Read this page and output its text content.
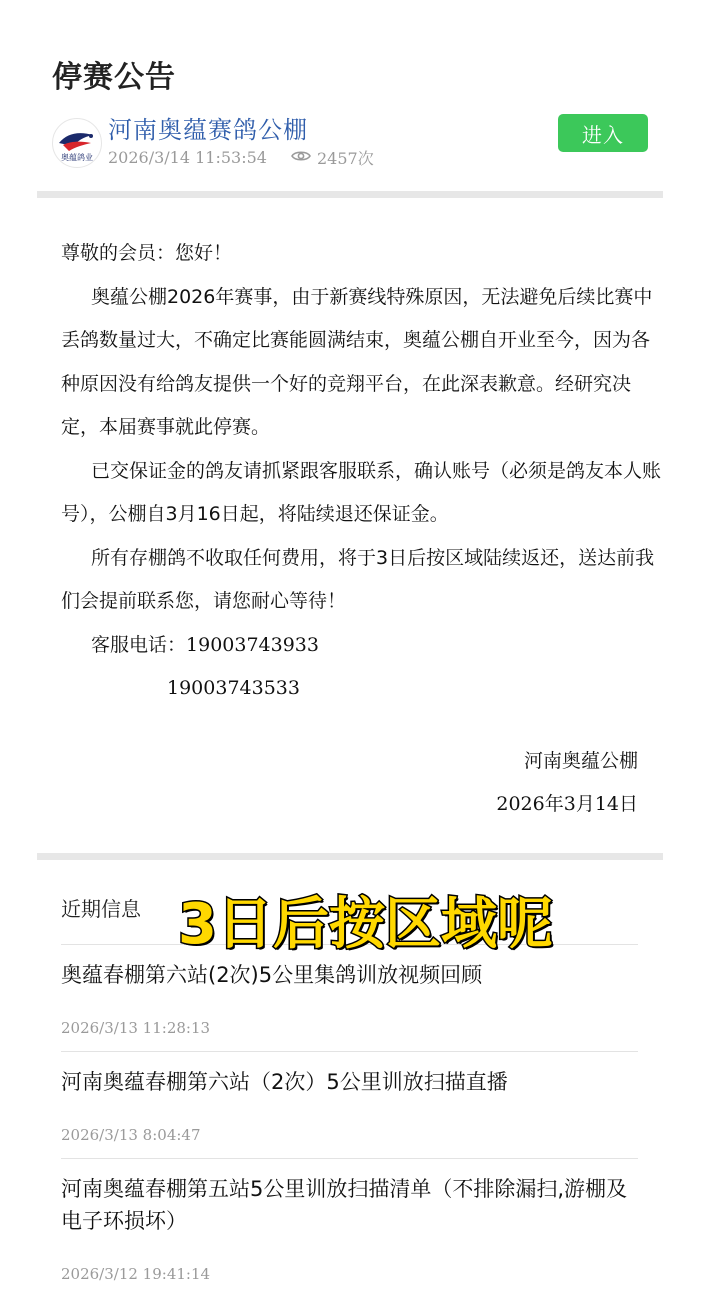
停赛公告
奥蕴鸽业
河南奥蕴赛鸽公棚
2026/3/14 11:53:54	2457次
进入

尊敬的会员：您好！

奥蕴公棚2026年赛事，由于新赛线特殊原因，无法避免后续比赛中丢鸽数量过大，不确定比赛能圆满结束，奥蕴公棚自开业至今，因为各种原因没有给鸽友提供一个好的竞翔平台，在此深表歉意。经研究决定，本届赛事就此停赛。

已交保证金的鸽友请抓紧跟客服联系，确认账号（必须是鸽友本人账号），公棚自3月16日起，将陆续退还保证金。

所有存棚鸽不收取任何费用，将于3日后按区域陆续返还，送达前我们会提前联系您，请您耐心等待！

客服电话：19003743933

19003743533

河南奥蕴公棚
2026年3月14日
近期信息
奥蕴春棚第六站(2次)5公里集鸽训放视频回顾
2026/3/13 11:28:13
河南奥蕴春棚第六站（2次）5公里训放扫描直播
2026/3/13 8:04:47
河南奥蕴春棚第五站5公里训放扫描清单（不排除漏扫,游棚及电子环损坏）
2026/3/12 19:41:14
3日后按区域呢
